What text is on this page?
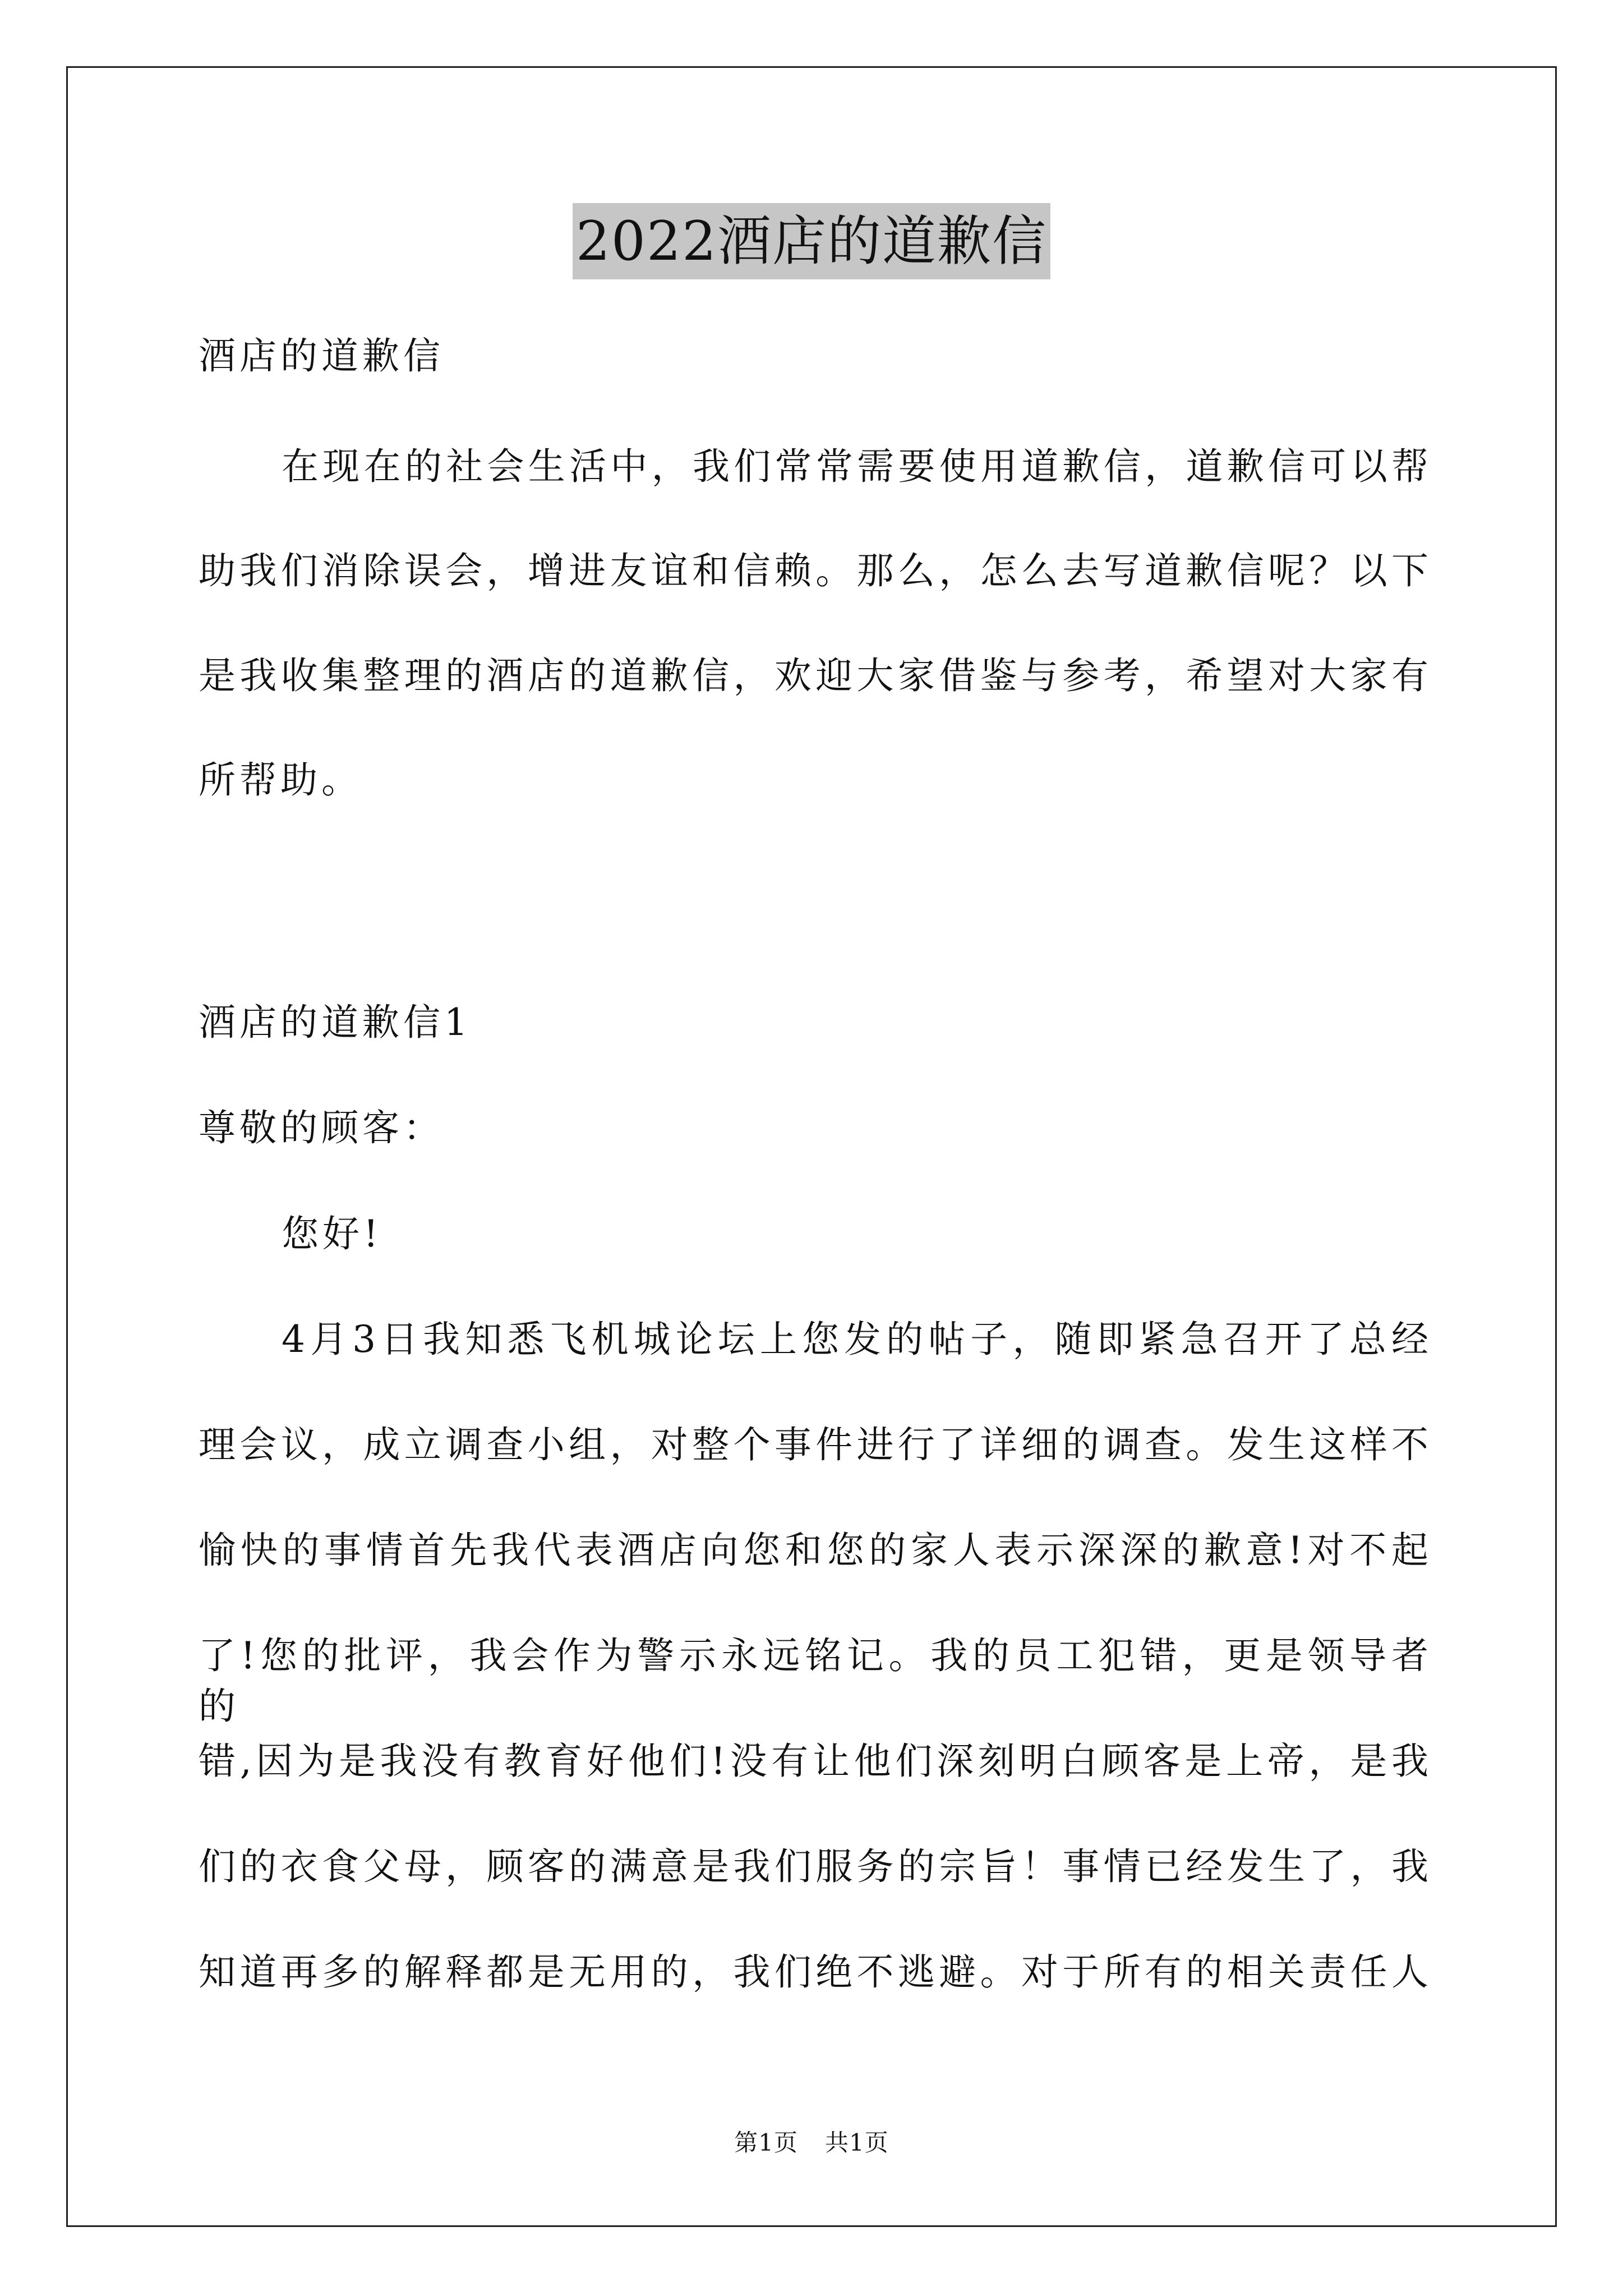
2022酒店的道歉信
酒店的道歉信
在现在的社会生活中，我们常常需要使用道歉信，道歉信可以帮
助我们消除误会，增进友谊和信赖。那么，怎么去写道歉信呢？以下
是我收集整理的酒店的道歉信，欢迎大家借鉴与参考，希望对大家有
所帮助。
酒店的道歉信1
尊敬的顾客：
您好!
4月3日我知悉飞机城论坛上您发的帖子，随即紧急召开了总经
理会议，成立调查小组，对整个事件进行了详细的调查。发生这样不
愉快的事情首先我代表酒店向您和您的家人表示深深的歉意!对不起
了!您的批评，我会作为警示永远铭记。我的员工犯错，更是领导者的
错,因为是我没有教育好他们!没有让他们深刻明白顾客是上帝，是我
们的衣食父母，顾客的满意是我们服务的宗旨！事情已经发生了，我
知道再多的解释都是无用的，我们绝不逃避。对于所有的相关责任人
第1页 共1页
